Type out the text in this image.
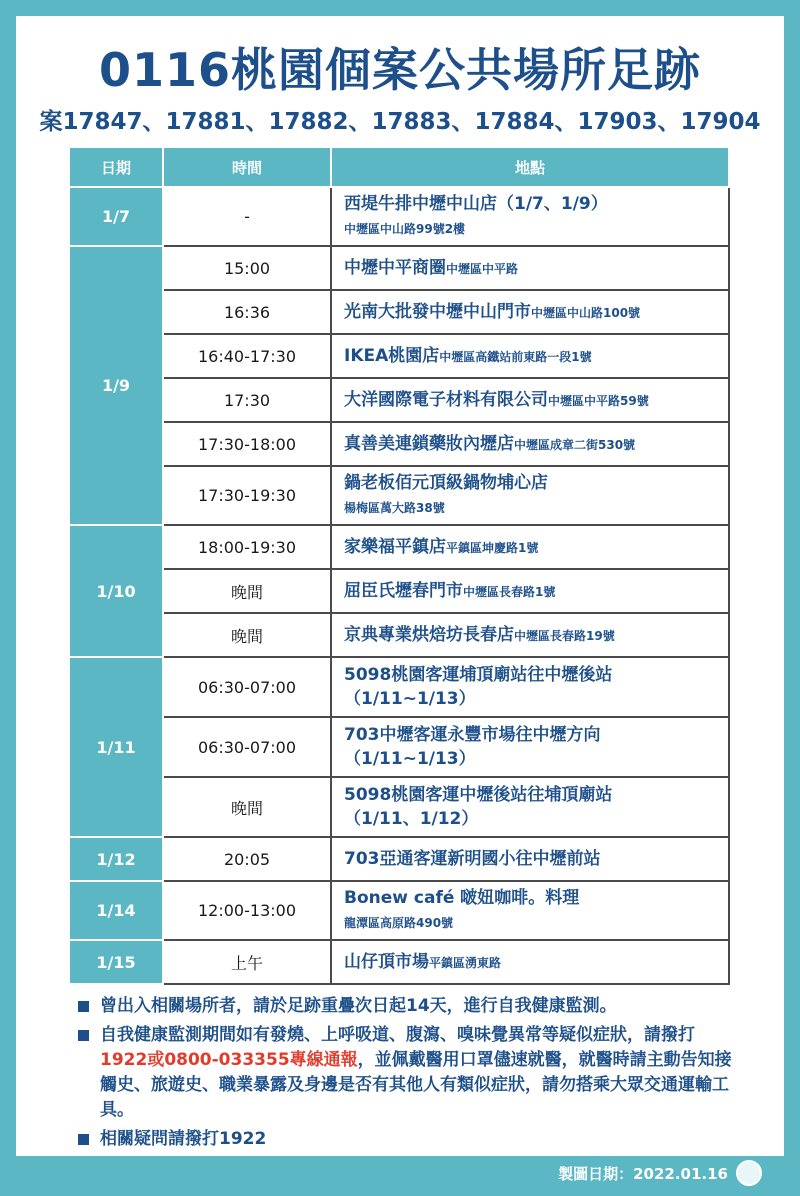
0116桃園個案公共場所足跡
案17847、17881、17882、17883、17884、17903、17904
日期	時間	地點
1/7	-	西堤牛排中壢中山店（1/7、1/9）
中壢區中山路99號2樓
1/9	15:00	中壢中平商圈中壢區中平路
	16:36	光南大批發中壢中山門市中壢區中山路100號
	16:40-17:30	IKEA桃園店中壢區高鐵站前東路一段1號
	17:30	大洋國際電子材料有限公司中壢區中平路59號
	17:30-18:00	真善美連鎖藥妝內壢店中壢區成章二街530號
	17:30-19:30	鍋老板佰元頂級鍋物埔心店
楊梅區萬大路38號
1/10	18:00-19:30	家樂福平鎮店平鎮區坤慶路1號
	晚間	屈臣氏壢春門市中壢區長春路1號
	晚間	京典專業烘焙坊長春店中壢區長春路19號
1/11	06:30-07:00	5098桃園客運埔頂廟站往中壢後站
（1/11~1/13）
	06:30-07:00	703中壢客運永豐市場往中壢方向
（1/11~1/13）
	晚間	5098桃園客運中壢後站往埔頂廟站
（1/11、1/12）
1/12	20:05	703亞通客運新明國小往中壢前站
1/14	12:00-13:00	Bonew café 啵妞咖啡。料理
龍潭區高原路490號
1/15	上午	山仔頂市場平鎮區湧東路
曾出入相關場所者，請於足跡重疊次日起14天，進行自我健康監測。
自我健康監測期間如有發燒、上呼吸道、腹瀉、嗅味覺異常等疑似症狀，請撥打1922或0800-033355專線通報，並佩戴醫用口罩儘速就醫，就醫時請主動告知接觸史、旅遊史、職業暴露及身邊是否有其他人有類似症狀，請勿搭乘大眾交通運輸工具。
相關疑問請撥打1922
製圖日期：2022.01.16
